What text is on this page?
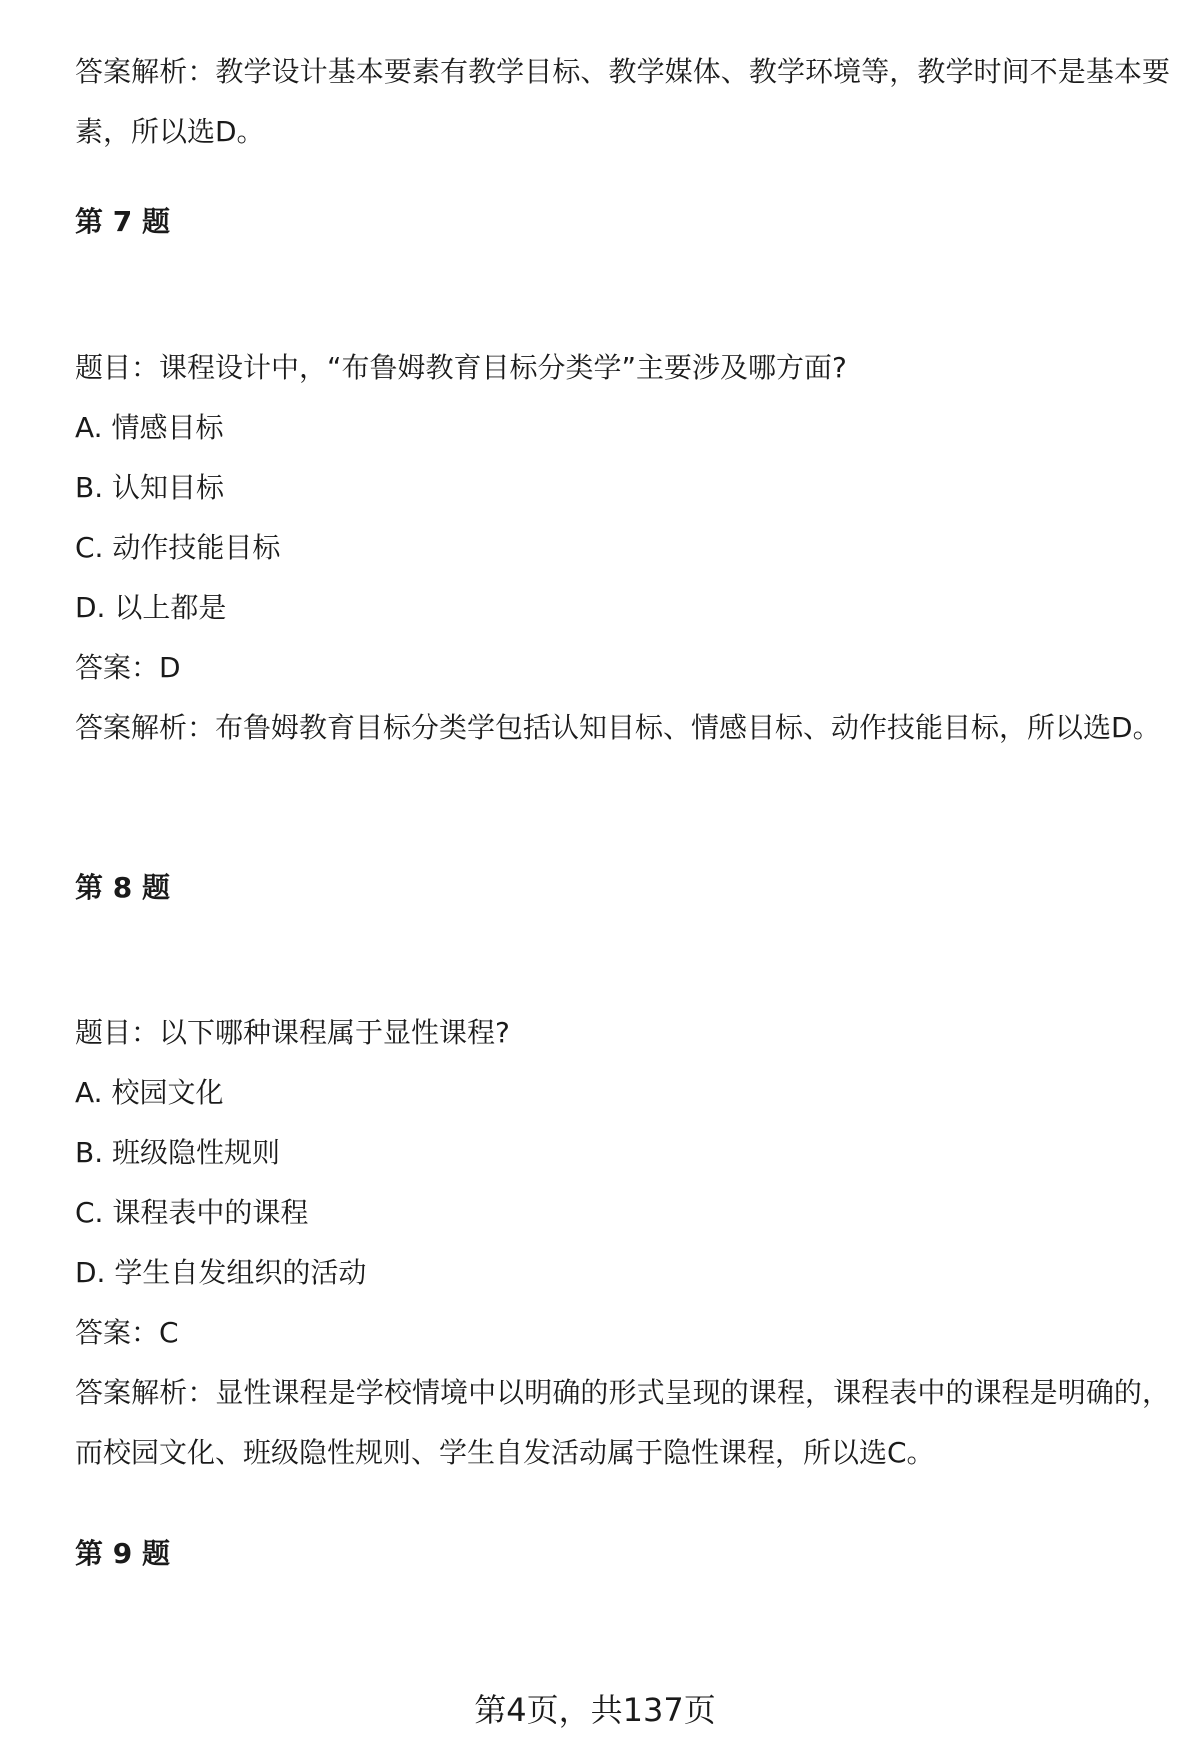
答案解析：教学设计基本要素有教学目标、教学媒体、教学环境等，教学时间不是基本要素，所以选D。

第 7 题

题目：课程设计中，“布鲁姆教育目标分类学”主要涉及哪方面?

A. 情感目标

B. 认知目标

C. 动作技能目标

D. 以上都是

答案：D

答案解析：布鲁姆教育目标分类学包括认知目标、情感目标、动作技能目标，所以选D。

第 8 题

题目：以下哪种课程属于显性课程?

A. 校园文化

B. 班级隐性规则

C. 课程表中的课程

D. 学生自发组织的活动

答案：C

答案解析：显性课程是学校情境中以明确的形式呈现的课程，课程表中的课程是明确的，而校园文化、班级隐性规则、学生自发活动属于隐性课程，所以选C。

第 9 题

第4页，共137页
